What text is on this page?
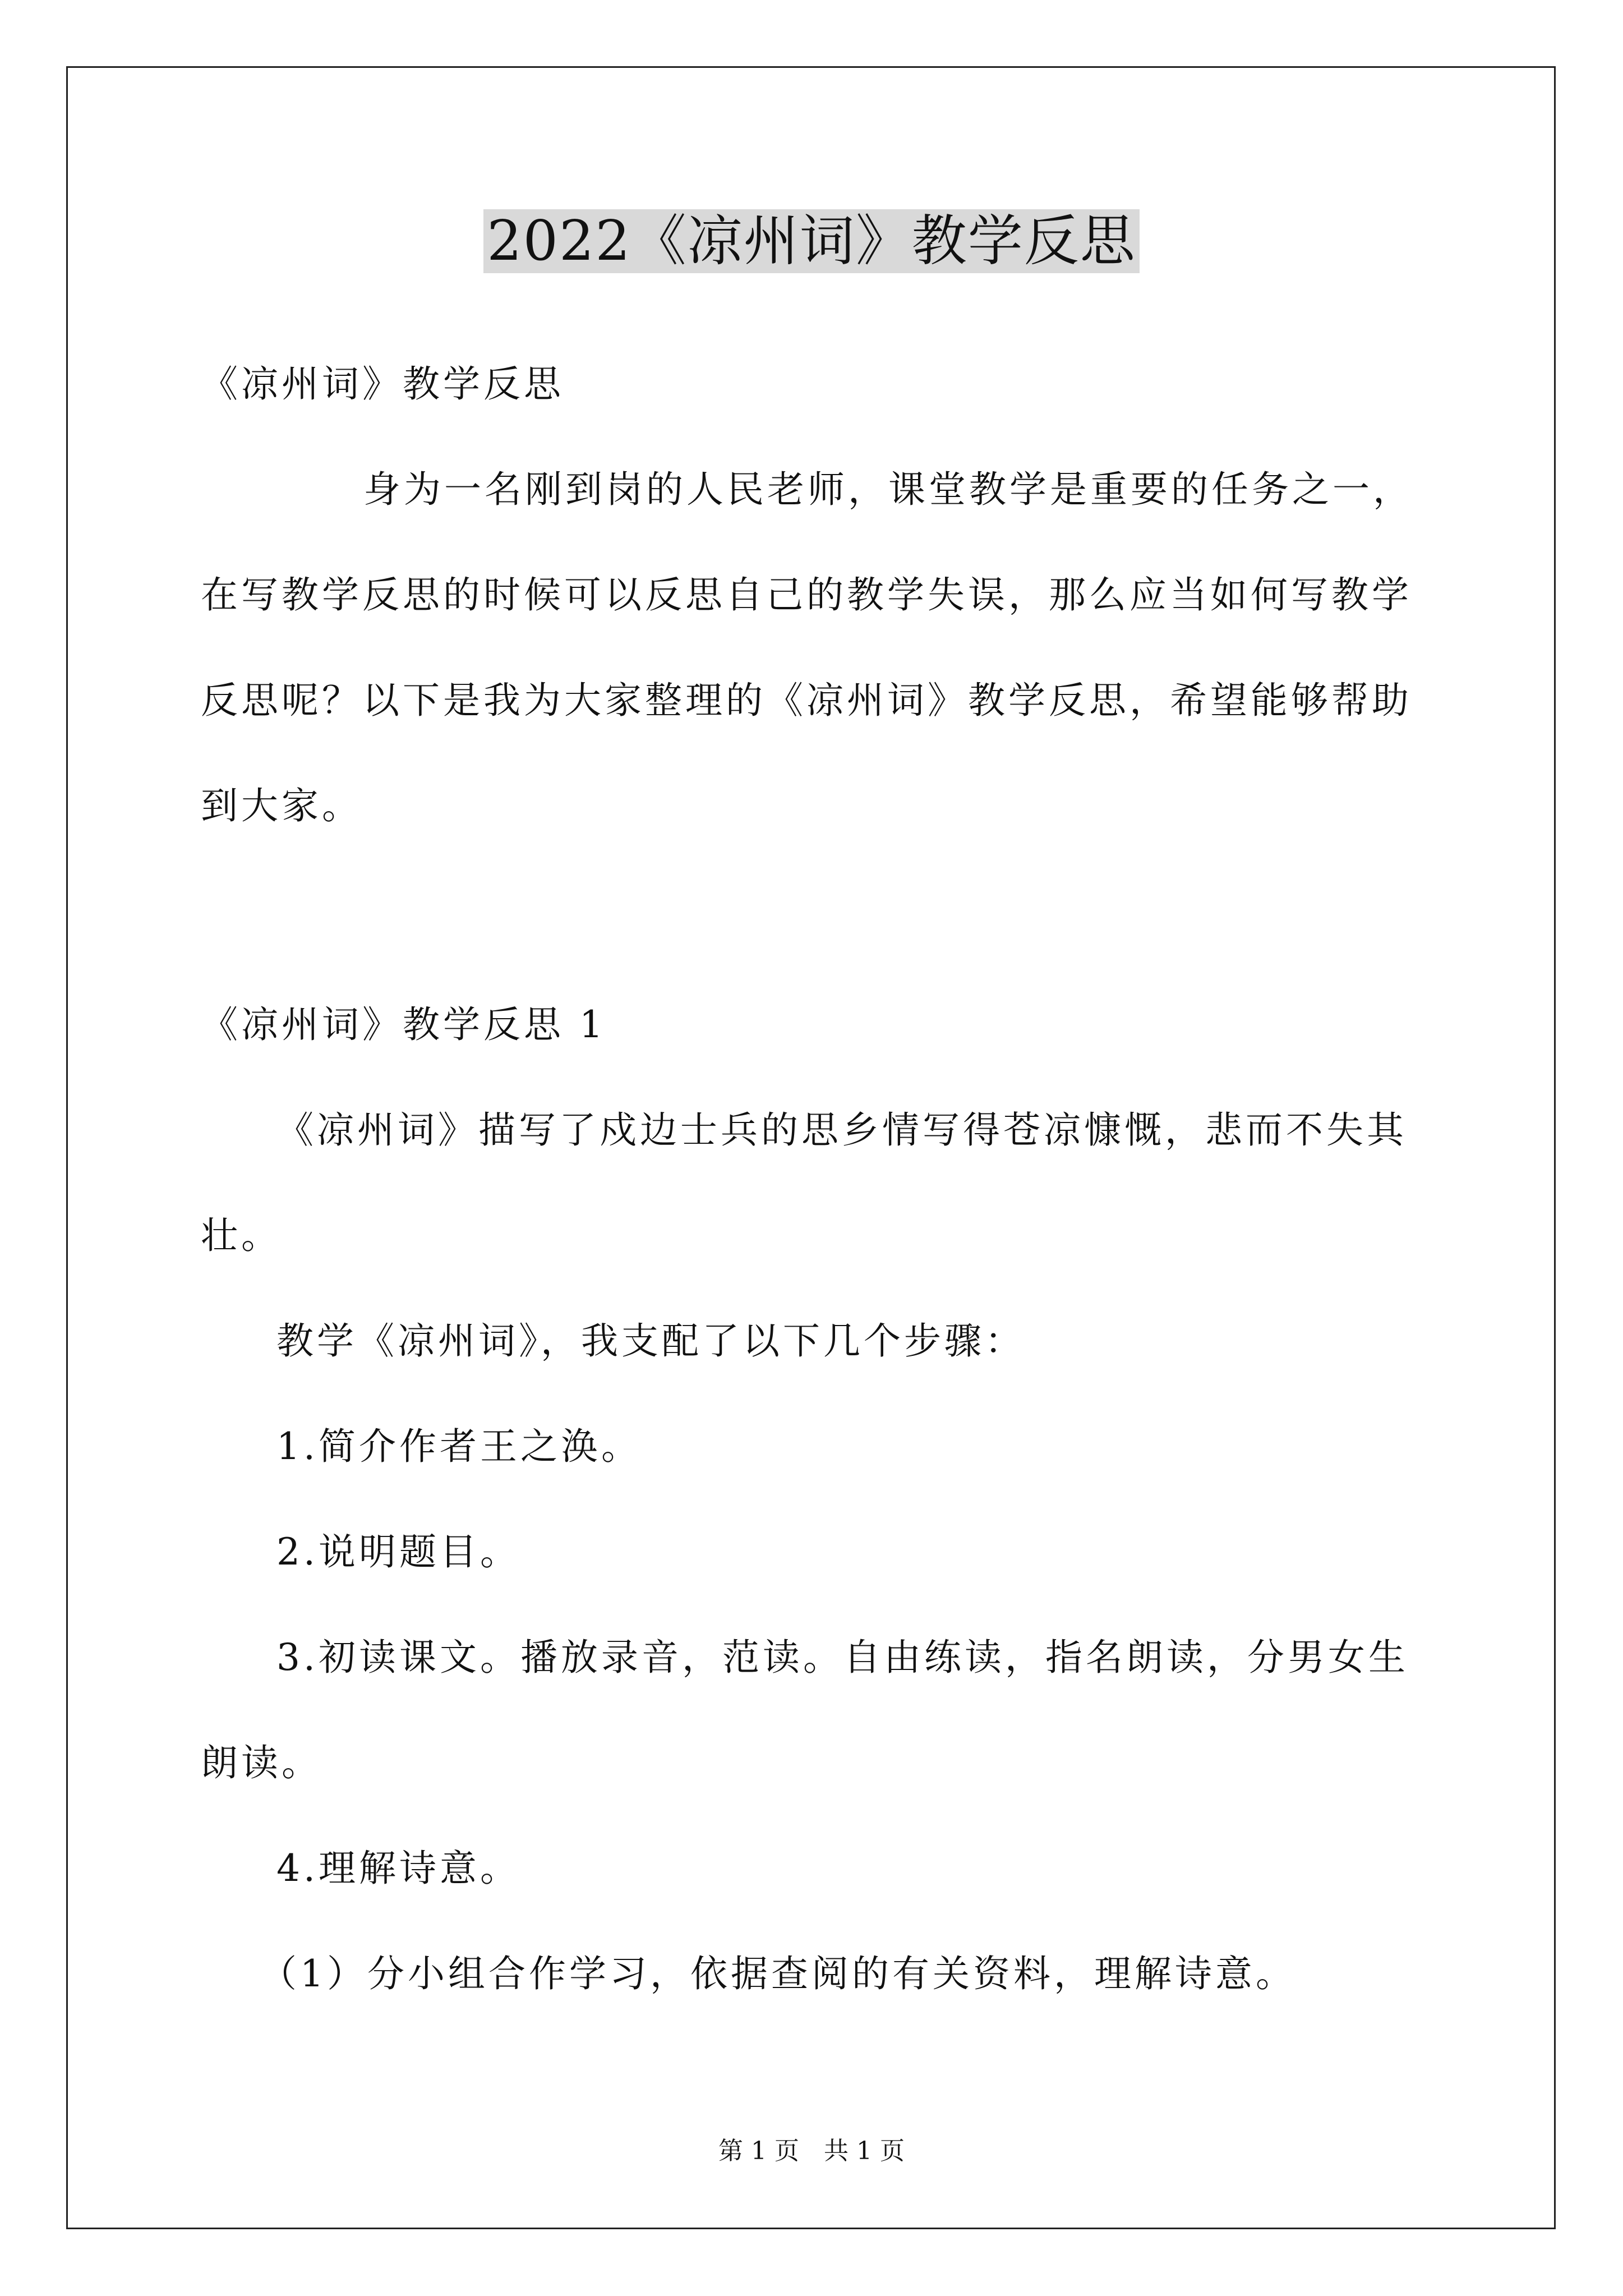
2022《凉州词》教学反思
《凉州词》教学反思
身为一名刚到岗的人民老师，课堂教学是重要的任务之一，
在写教学反思的时候可以反思自己的教学失误，那么应当如何写教学
反思呢？以下是我为大家整理的《凉州词》教学反思，希望能够帮助
到大家。
《凉州词》教学反思 1
《凉州词》描写了戍边士兵的思乡情写得苍凉慷慨，悲而不失其
壮。
教学《凉州词》，我支配了以下几个步骤：
1.简介作者王之涣。
2.说明题目。
3.初读课文。播放录音，范读。自由练读，指名朗读，分男女生
朗读。
4.理解诗意。
（1）分小组合作学习，依据查阅的有关资料，理解诗意。
第 1 页　共 1 页
